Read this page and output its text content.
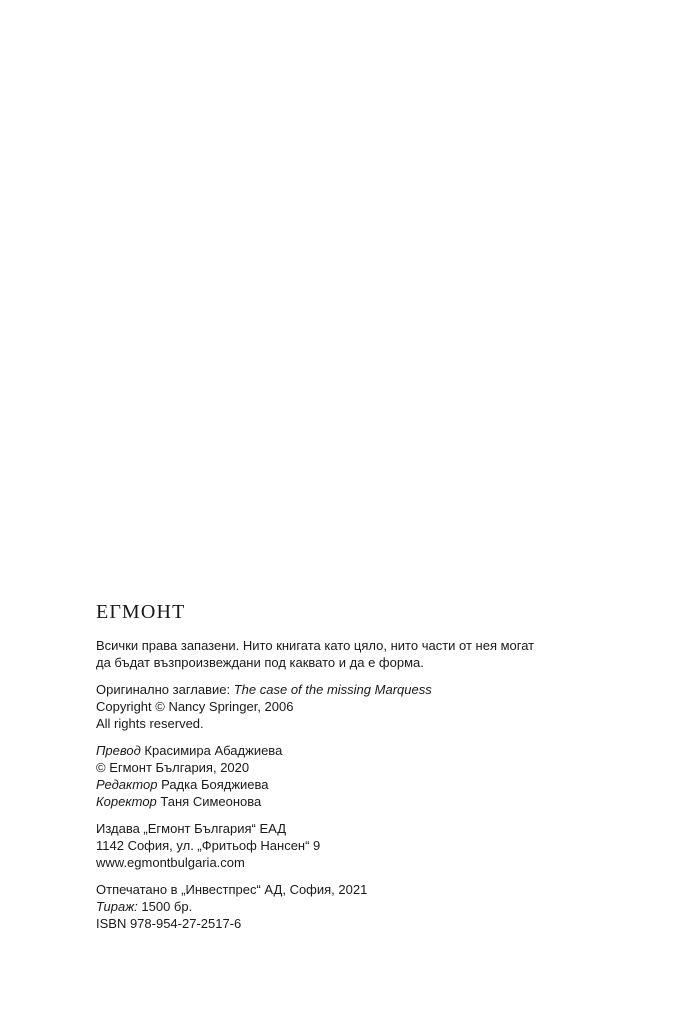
ЕГМОНТ
Всички права запазени. Нито книгата като цяло, нито части от нея могат
да бъдат възпроизвеждани под каквато и да е форма.
Оригинално заглавие: The case of the missing Marquess
Copyright © Nancy Springer, 2006
All rights reserved.
Превод Красимира Абаджиева
© Егмонт България, 2020
Редактор Радка Бояджиева
Коректор Таня Симеонова
Издава „Егмонт България“ ЕАД
1142 София, ул. „Фритьоф Нансен“ 9
www.egmontbulgaria.com
Отпечатано в „Инвестпрес“ АД, София, 2021
Тираж: 1500 бр.
ISBN 978-954-27-2517-6
